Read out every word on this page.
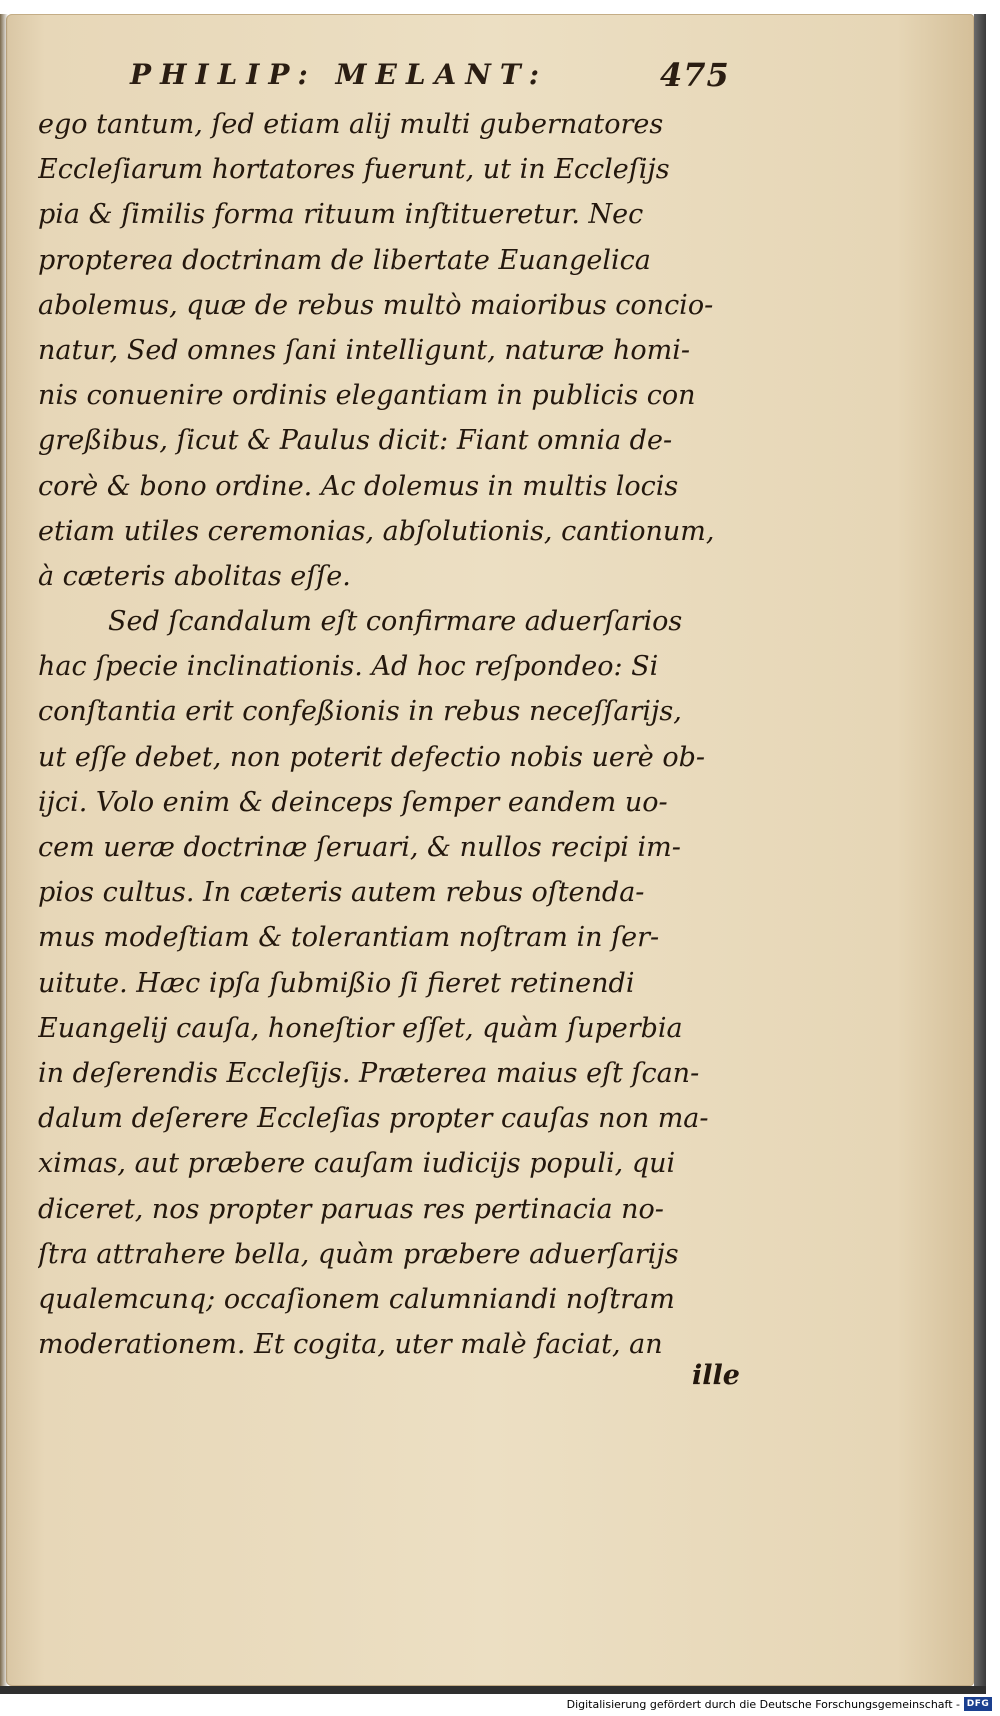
PHILIP: MELANT:	475
ego tantum, ſed etiam alij multi gubernatores
Eccleſiarum hortatores fuerunt, ut in Eccleſijs
pia & ſimilis forma rituum inſtitueretur. Nec
propterea doctrinam de libertate Euangelica
abolemus, quæ de rebus multò maioribus concio-
natur, Sed omnes ſani intelligunt, naturæ homi-
nis conuenire ordinis elegantiam in publicis con
greßibus, ſicut & Paulus dicit: Fiant omnia de-
corè & bono ordine. Ac dolemus in multis locis
etiam utiles ceremonias, abſolutionis, cantionum,
à cæteris abolitas eſſe.
Sed ſcandalum eſt confirmare aduerſarios
hac ſpecie inclinationis. Ad hoc reſpondeo: Si
conſtantia erit confeßionis in rebus neceſſarijs,
ut eſſe debet, non poterit defectio nobis uerè ob-
ijci. Volo enim & deinceps ſemper eandem uo-
cem ueræ doctrinæ ſeruari, & nullos recipi im-
pios cultus. In cæteris autem rebus oſtenda-
mus modeſtiam & tolerantiam noſtram in ſer-
uitute. Hæc ipſa ſubmißio ſi fieret retinendi
Euangelij cauſa, honeſtior eſſet, quàm ſuperbia
in deſerendis Eccleſijs. Præterea maius eſt ſcan-
dalum deſerere Eccleſias propter cauſas non ma-
ximas, aut præbere cauſam iudicijs populi, qui
diceret, nos propter paruas res pertinacia no-
ſtra attrahere bella, quàm præbere aduerſarijs
qualemcunq; occaſionem calumniandi noſtram
moderationem. Et cogita, uter malè faciat, an
ille
Digitalisierung gefördert durch die Deutsche Forschungsgemeinschaft - DFG
